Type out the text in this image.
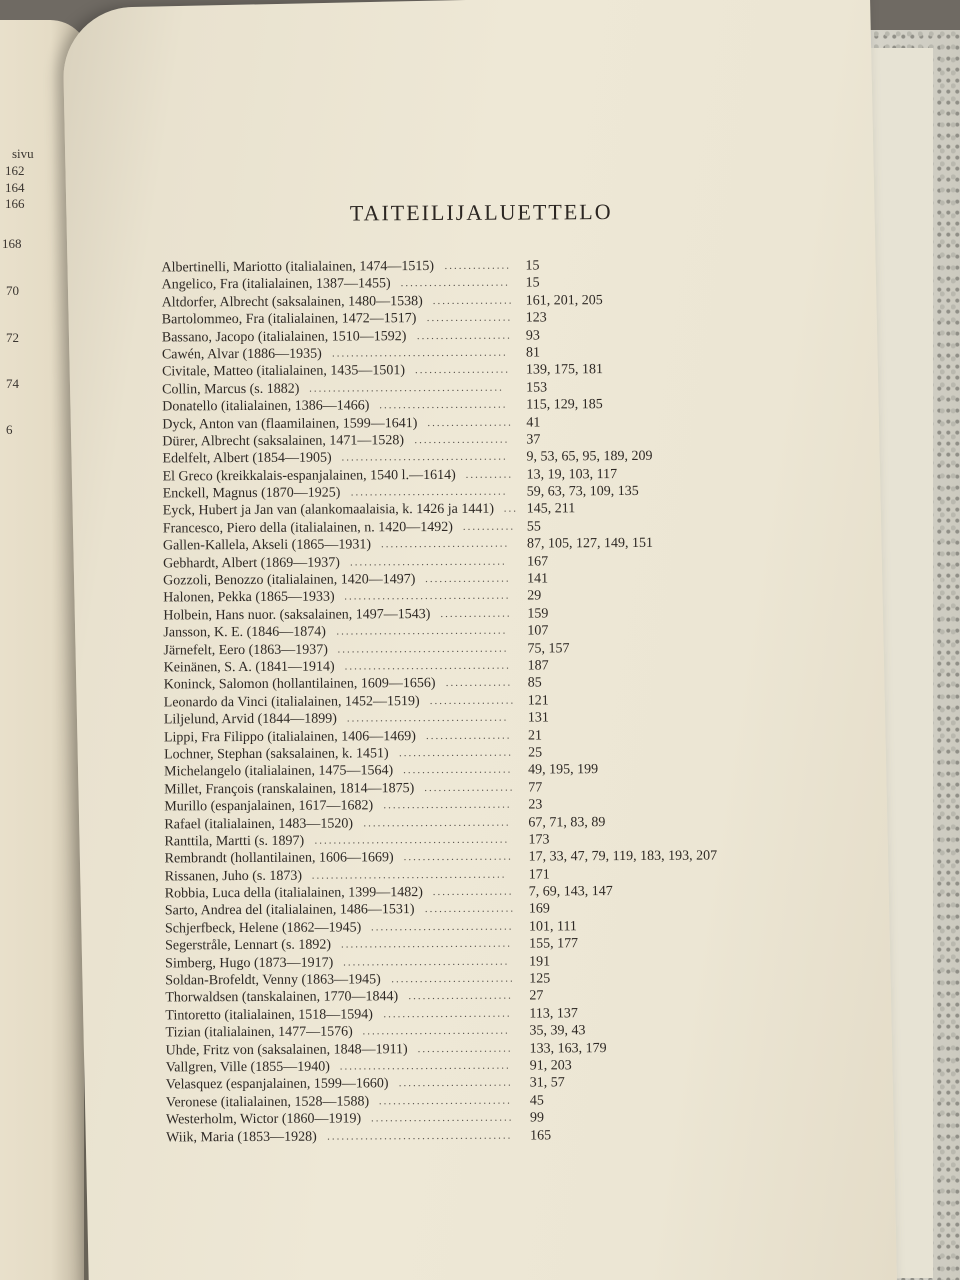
sivu
162
164
166
168
70
72
74
6
TAITEILIJALUETTELO
Albertinelli, Mariotto (italialainen, 1474—1515) ..............	15
Angelico, Fra (italialainen, 1387—1455) .......................	15
Altdorfer, Albrecht (saksalainen, 1480—1538) ................. 161, 201, 205
Bartolommeo, Fra (italialainen, 1472—1517) .................. 123
Bassano, Jacopo (italialainen, 1510—1592) .................... 93
Cawén, Alvar (1886—1935) .....................................	81
Civitale, Matteo (italialainen, 1435—1501) ....................	139, 175, 181
Collin, Marcus (s. 1882) .........................................	153
Donatello (italialainen, 1386—1466) ...........................	115, 129, 185
Dyck, Anton van (flaamilainen, 1599—1641) .................. 41
Dürer, Albrecht (saksalainen, 1471—1528) ....................	37
Edelfelt, Albert (1854—1905) ...................................	9, 53, 65, 95, 189, 209
El Greco (kreikkalais-espanjalainen, 1540 l.—1614) .......... 13, 19, 103, 117
Enckell, Magnus (1870—1925) .................................	59, 63, 73, 109, 135
Eyck, Hubert ja Jan van (alankomaalaisia, k. 1426 ja 1441) ... 145, 211
Francesco, Piero della (italialainen, n. 1420—1492) ........... 55
Gallen-Kallela, Akseli (1865—1931) ...........................	87, 105, 127, 149, 151
Gebhardt, Albert (1869—1937) .................................	167
Gozzoli, Benozzo (italialainen, 1420—1497) ..................	141
Halonen, Pekka (1865—1933) ...................................	29
Holbein, Hans nuor. (saksalainen, 1497—1543) ...............	159
Jansson, K. E. (1846—1874) ....................................	107
Järnefelt, Eero (1863—1937) ....................................	75, 157
Keinänen, S. A. (1841—1914) ...................................	187
Koninck, Salomon (hollantilainen, 1609—1656) ..............	85
Leonardo da Vinci (italialainen, 1452—1519) .................. 121
Liljelund, Arvid (1844—1899) ..................................	131
Lippi, Fra Filippo (italialainen, 1406—1469) ..................	21
Lochner, Stephan (saksalainen, k. 1451) ........................	25
Michelangelo (italialainen, 1475—1564) .......................	49, 195, 199
Millet, François (ranskalainen, 1814—1875) ................... 77
Murillo (espanjalainen, 1617—1682) ...........................	23
Rafael (italialainen, 1483—1520) ...............................	67, 71, 83, 89
Ranttila, Martti (s. 1897) .........................................	173
Rembrandt (hollantilainen, 1606—1669) .......................	17, 33, 47, 79, 119, 183, 193, 207
Rissanen, Juho (s. 1873) .........................................	171
Robbia, Luca della (italialainen, 1399—1482) .................	7, 69, 143, 147
Sarto, Andrea del (italialainen, 1486—1531) ................... 169
Schjerfbeck, Helene (1862—1945) ..............................	101, 111
Segerstråle, Lennart (s. 1892) ....................................	155, 177
Simberg, Hugo (1873—1917) ...................................	191
Soldan-Brofeldt, Venny (1863—1945) ..........................	125
Thorwaldsen (tanskalainen, 1770—1844) ......................	27
Tintoretto (italialainen, 1518—1594) ...........................	113, 137
Tizian (italialainen, 1477—1576) ...............................	35, 39, 43
Uhde, Fritz von (saksalainen, 1848—1911) ....................	133, 163, 179
Vallgren, Ville (1855—1940) ....................................	91, 203
Velasquez (espanjalainen, 1599—1660) ........................	31, 57
Veronese (italialainen, 1528—1588) ............................	45
Westerholm, Wictor (1860—1919) ..............................	99
Wiik, Maria (1853—1928) .......................................	165
